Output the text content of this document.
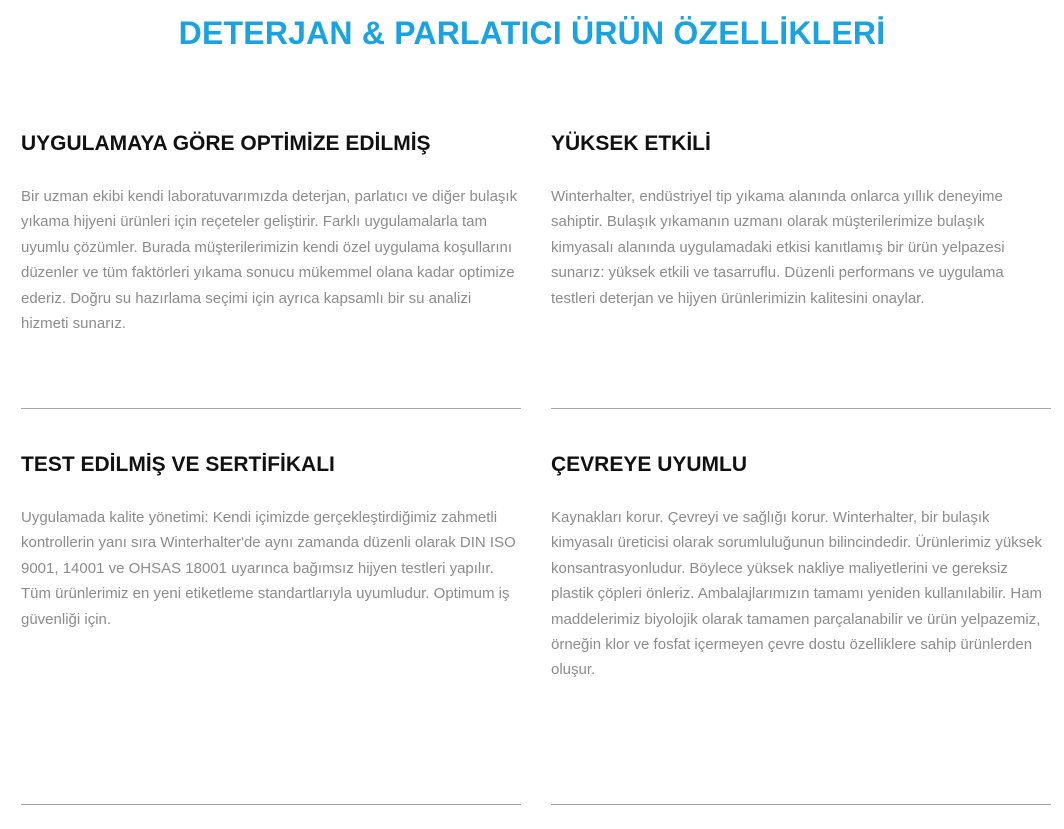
DETERJAN & PARLATICI ÜRÜN ÖZELLİKLERİ
UYGULAMAYA GÖRE OPTİMİZE EDİLMİŞ

Bir uzman ekibi kendi laboratuvarımızda deterjan, parlatıcı ve diğer bulaşık yıkama hijyeni ürünleri için reçeteler geliştirir. Farklı uygulamalarla tam uyumlu çözümler. Burada müşterilerimizin kendi özel uygulama koşullarını düzenler ve tüm faktörleri yıkama sonucu mükemmel olana kadar optimize ederiz. Doğru su hazırlama seçimi için ayrıca kapsamlı bir su analizi hizmeti sunarız.

YÜKSEK ETKİLİ

Winterhalter, endüstriyel tip yıkama alanında onlarca yıllık deneyime sahiptir. Bulaşık yıkamanın uzmanı olarak müşterilerimize bulaşık kimyasalı alanında uygulamadaki etkisi kanıtlamış bir ürün yelpazesi sunarız: yüksek etkili ve tasarruflu. Düzenli performans ve uygulama testleri deterjan ve hijyen ürünlerimizin kalitesini onaylar.

TEST EDİLMİŞ VE SERTİFİKALI

Uygulamada kalite yönetimi: Kendi içimizde gerçekleştirdiğimiz zahmetli kontrollerin yanı sıra Winterhalter'de aynı zamanda düzenli olarak DIN ISO 9001, 14001 ve OHSAS 18001 uyarınca bağımsız hijyen testleri yapılır. Tüm ürünlerimiz en yeni etiketleme standartlarıyla uyumludur. Optimum iş güvenliği için.

ÇEVREYE UYUMLU

Kaynakları korur. Çevreyi ve sağlığı korur. Winterhalter, bir bulaşık kimyasalı üreticisi olarak sorumluluğunun bilincindedir. Ürünlerimiz yüksek konsantrasyonludur. Böylece yüksek nakliye maliyetlerini ve gereksiz plastik çöpleri önleriz. Ambalajlarımızın tamamı yeniden kullanılabilir. Ham maddelerimiz biyolojik olarak tamamen parçalanabilir ve ürün yelpazemiz, örneğin klor ve fosfat içermeyen çevre dostu özelliklere sahip ürünlerden oluşur.
